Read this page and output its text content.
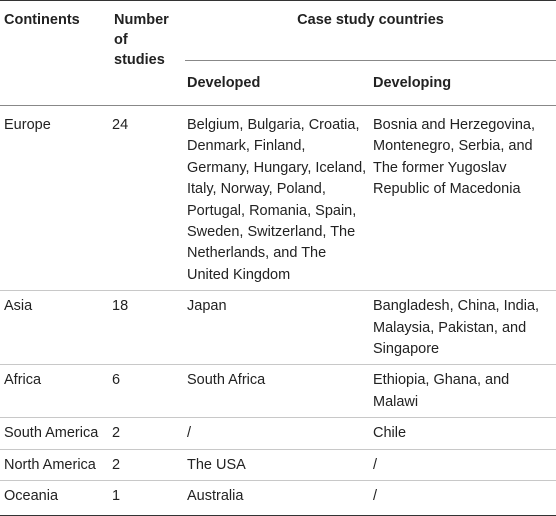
Continents	Number of studies	Case study countries	

		Developed	Developing
Europe	24	Belgium, Bulgaria, Croatia, Denmark, Finland, Germany, Hungary, Iceland, Italy, Norway, Poland, Portugal, Romania, Spain, Sweden, Switzerland, The Netherlands, and The United Kingdom	Bosnia and Herzegovina, Montenegro, Serbia, and The former Yugoslav Republic of Macedonia
Asia	18	Japan	Bangladesh, China, India, Malaysia, Pakistan, and Singapore
Africa	6	South Africa	Ethiopia, Ghana, and Malawi
South America	2	/	Chile
North America	2	The USA	/
Oceania	1	Australia	/
